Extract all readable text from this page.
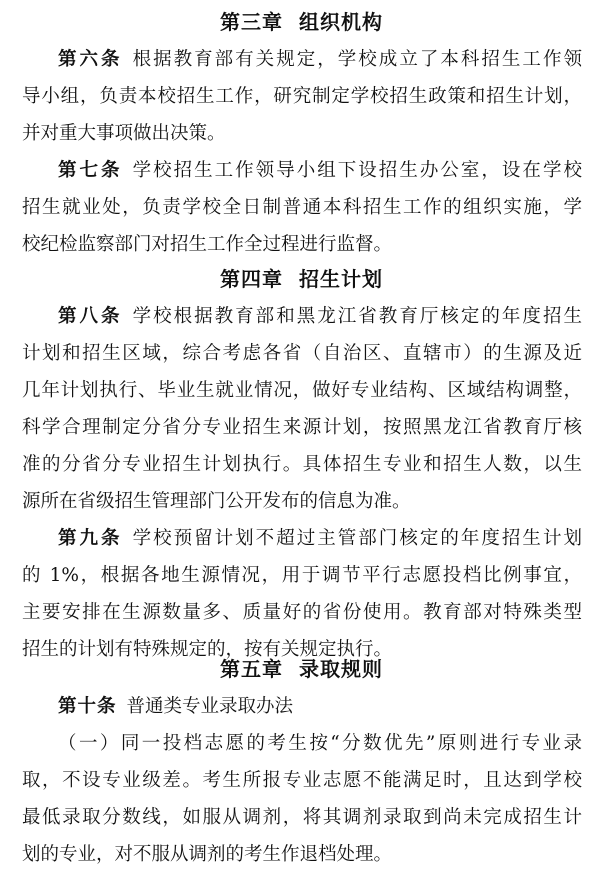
第三章  组织机构
第六条 根据教育部有关规定，学校成立了本科招生工作领
导小组，负责本校招生工作，研究制定学校招生政策和招生计划，
并对重大事项做出决策。
第七条 学校招生工作领导小组下设招生办公室，设在学校
招生就业处，负责学校全日制普通本科招生工作的组织实施，学
校纪检监察部门对招生工作全过程进行监督。
第四章  招生计划
第八条 学校根据教育部和黑龙江省教育厅核定的年度招生
计划和招生区域，综合考虑各省（自治区、直辖市）的生源及近
几年计划执行、毕业生就业情况，做好专业结构、区域结构调整，
科学合理制定分省分专业招生来源计划，按照黑龙江省教育厅核
准的分省分专业招生计划执行。具体招生专业和招生人数，以生
源所在省级招生管理部门公开发布的信息为准。
第九条 学校预留计划不超过主管部门核定的年度招生计划
的 1%，根据各地生源情况，用于调节平行志愿投档比例事宜，
主要安排在生源数量多、质量好的省份使用。教育部对特殊类型
招生的计划有特殊规定的，按有关规定执行。
第五章  录取规则
第十条 普通类专业录取办法
（一）同一投档志愿的考生按“分数优先”原则进行专业录
取，不设专业级差。考生所报专业志愿不能满足时，且达到学校
最低录取分数线，如服从调剂，将其调剂录取到尚未完成招生计
划的专业，对不服从调剂的考生作退档处理。
